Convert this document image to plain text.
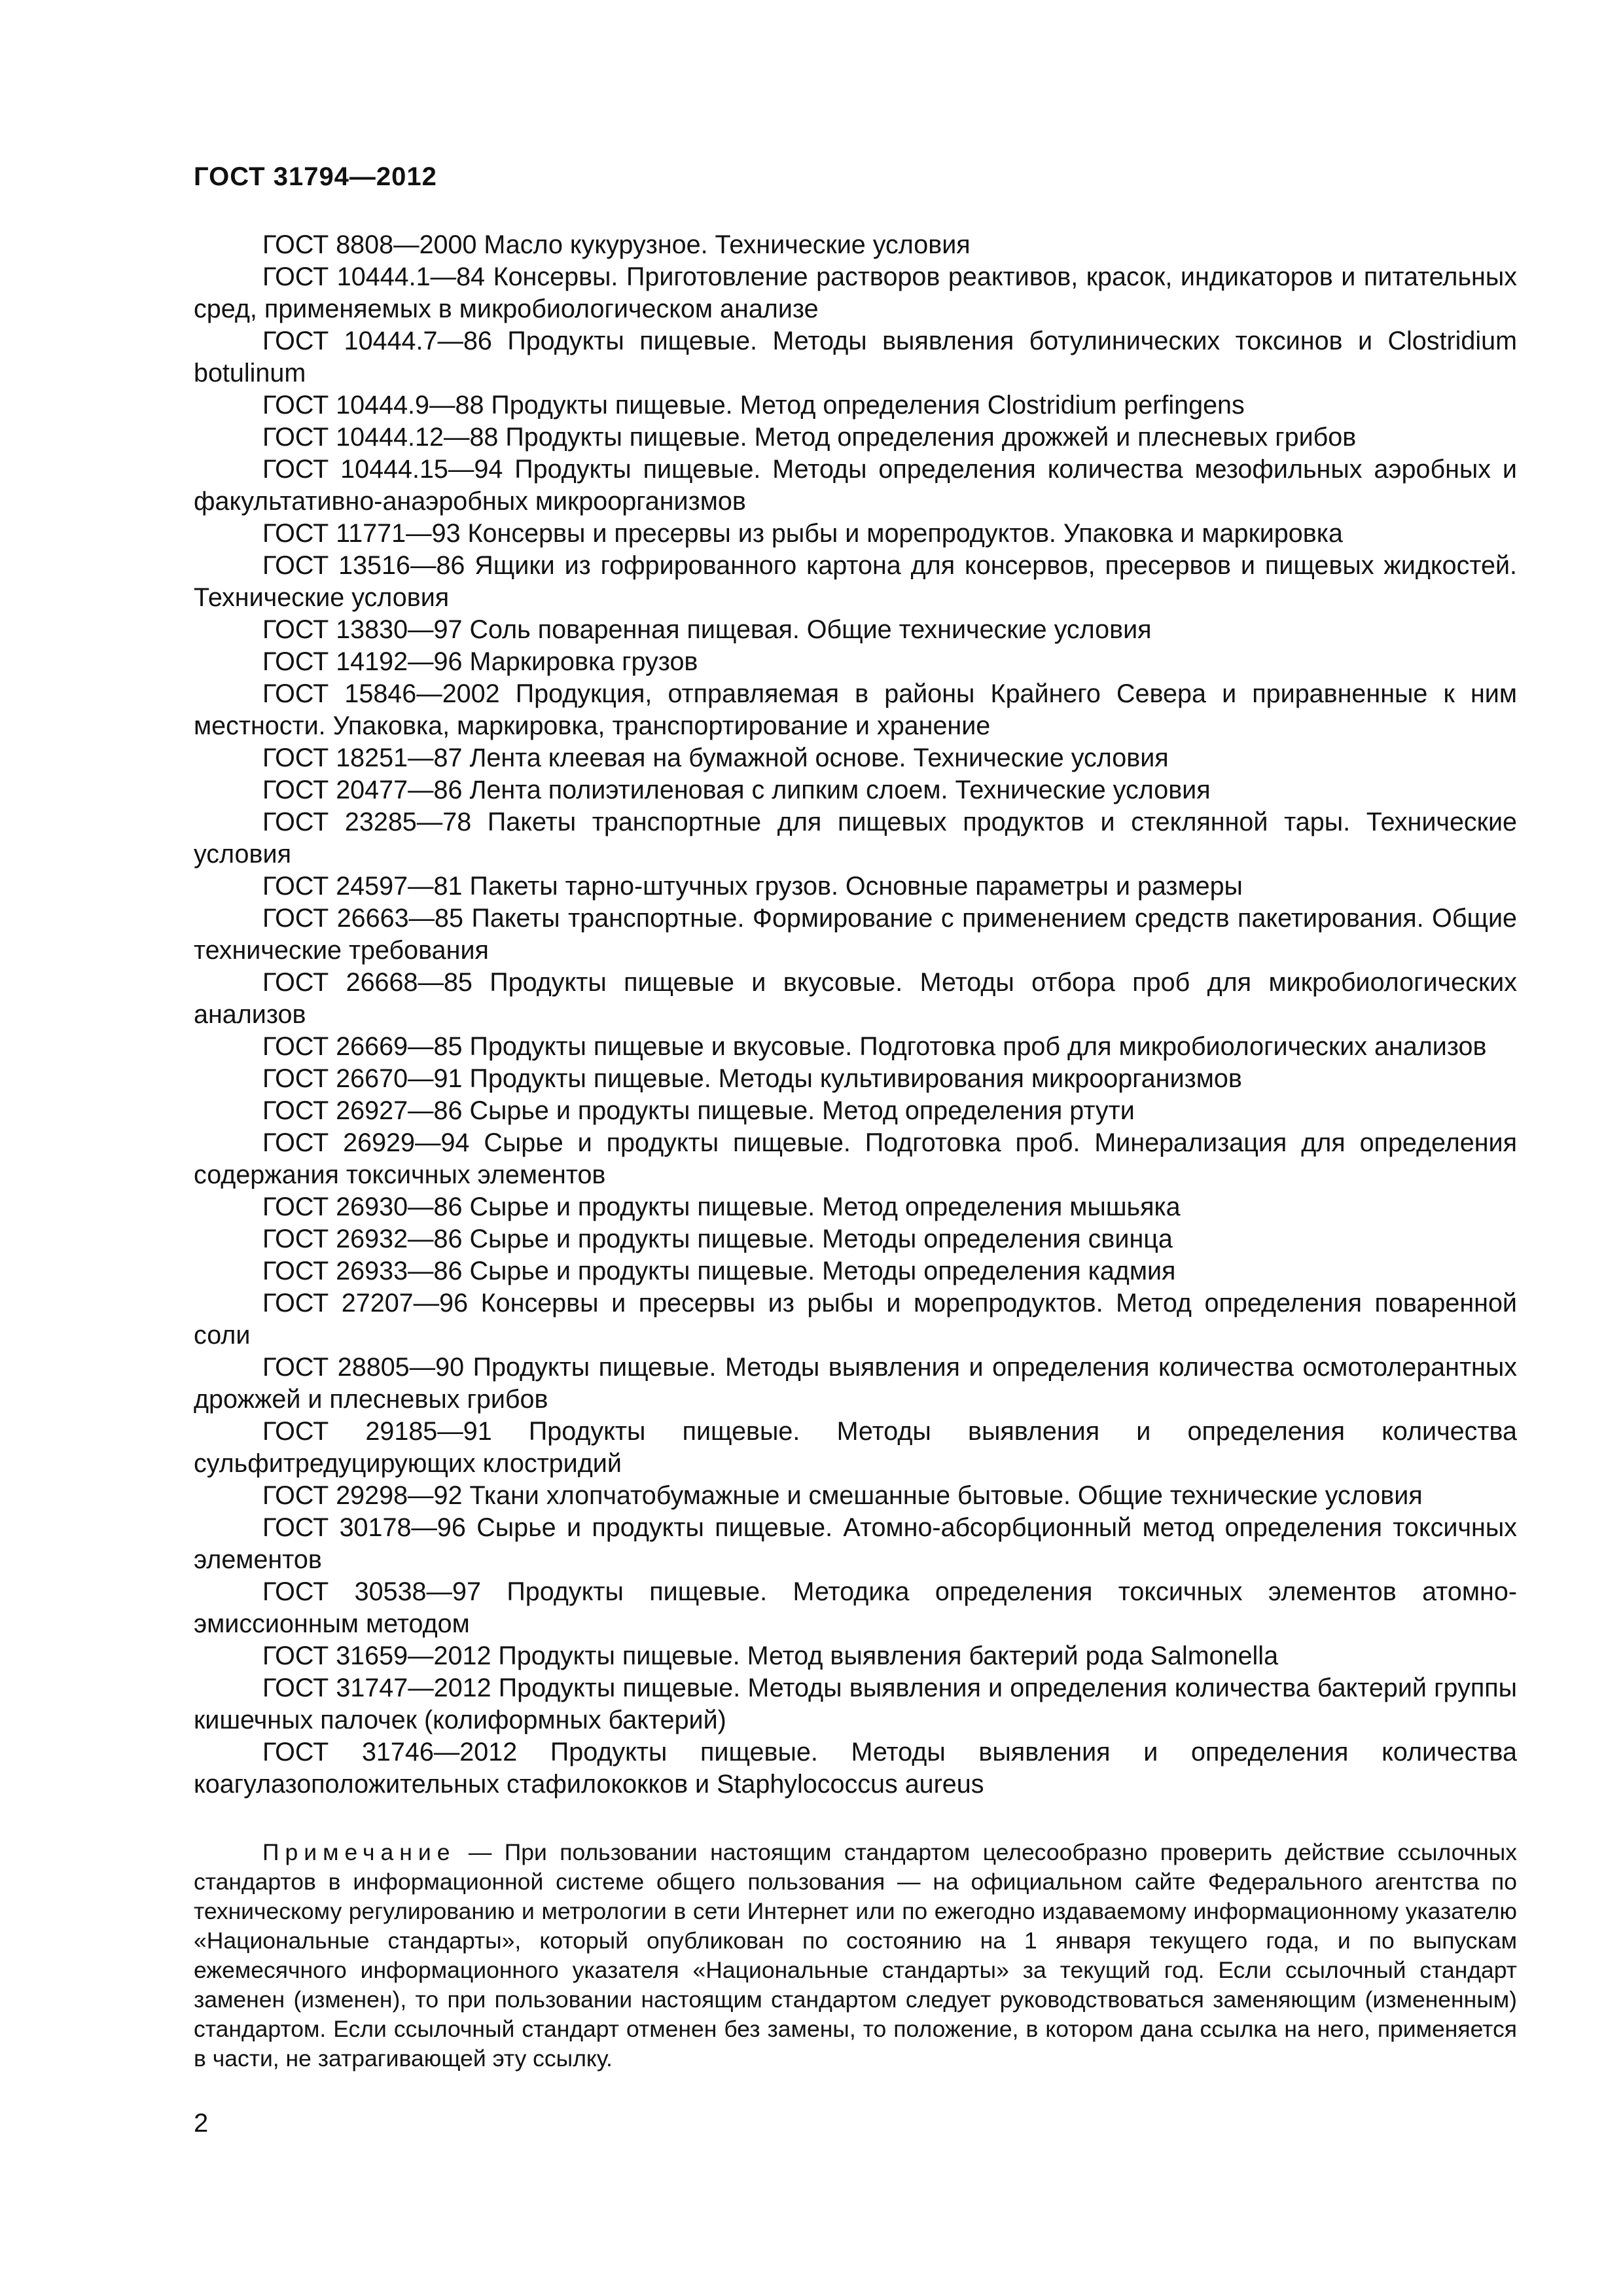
ГОСТ 31794—2012

ГОСТ 8808—2000 Масло кукурузное. Технические условия

ГОСТ 10444.1—84 Консервы. Приготовление растворов реактивов, красок, индикаторов и питательных сред, применяемых в микробиологическом анализе

ГОСТ 10444.7—86 Продукты пищевые. Методы выявления ботулинических токсинов и Clostridium botulinum

ГОСТ 10444.9—88 Продукты пищевые. Метод определения Clostridium perfingens

ГОСТ 10444.12—88 Продукты пищевые. Метод определения дрожжей и плесневых грибов

ГОСТ 10444.15—94 Продукты пищевые. Методы определения количества мезофильных аэробных и факультативно-анаэробных микроорганизмов

ГОСТ 11771—93 Консервы и пресервы из рыбы и морепродуктов. Упаковка и маркировка

ГОСТ 13516—86 Ящики из гофрированного картона для консервов, пресервов и пищевых жидкостей. Технические условия

ГОСТ 13830—97 Соль поваренная пищевая. Общие технические условия

ГОСТ 14192—96 Маркировка грузов

ГОСТ 15846—2002 Продукция, отправляемая в районы Крайнего Севера и приравненные к ним местности. Упаковка, маркировка, транспортирование и хранение

ГОСТ 18251—87 Лента клеевая на бумажной основе. Технические условия

ГОСТ 20477—86 Лента полиэтиленовая с липким слоем. Технические условия

ГОСТ 23285—78 Пакеты транспортные для пищевых продуктов и стеклянной тары. Технические условия

ГОСТ 24597—81 Пакеты тарно-штучных грузов. Основные параметры и размеры

ГОСТ 26663—85 Пакеты транспортные. Формирование с применением средств пакетирования. Общие технические требования

ГОСТ 26668—85 Продукты пищевые и вкусовые. Методы отбора проб для микробиологических анализов

ГОСТ 26669—85 Продукты пищевые и вкусовые. Подготовка проб для микробиологических анализов

ГОСТ 26670—91 Продукты пищевые. Методы культивирования микроорганизмов

ГОСТ 26927—86 Сырье и продукты пищевые. Метод определения ртути

ГОСТ 26929—94 Сырье и продукты пищевые. Подготовка проб. Минерализация для определения содержания токсичных элементов

ГОСТ 26930—86 Сырье и продукты пищевые. Метод определения мышьяка

ГОСТ 26932—86 Сырье и продукты пищевые. Методы определения свинца

ГОСТ 26933—86 Сырье и продукты пищевые. Методы определения кадмия

ГОСТ 27207—96 Консервы и пресервы из рыбы и морепродуктов. Метод определения поваренной соли

ГОСТ 28805—90 Продукты пищевые. Методы выявления и определения количества осмотолерантных дрожжей и плесневых грибов

ГОСТ 29185—91 Продукты пищевые. Методы выявления и определения количества сульфитредуцирующих клостридий

ГОСТ 29298—92 Ткани хлопчатобумажные и смешанные бытовые. Общие технические условия

ГОСТ 30178—96 Сырье и продукты пищевые. Атомно-абсорбционный метод определения токсичных элементов

ГОСТ 30538—97 Продукты пищевые. Методика определения токсичных элементов атомно-эмиссионным методом

ГОСТ 31659—2012 Продукты пищевые. Метод выявления бактерий рода Salmonella

ГОСТ 31747—2012 Продукты пищевые. Методы выявления и определения количества бактерий группы кишечных палочек (колиформных бактерий)

ГОСТ 31746—2012 Продукты пищевые. Методы выявления и определения количества коагулазоположительных стафилококков и Staphylococcus aureus

Примечание — При пользовании настоящим стандартом целесообразно проверить действие ссылочных стандартов в информационной системе общего пользования — на официальном сайте Федерального агентства по техническому регулированию и метрологии в сети Интернет или по ежегодно издаваемому информационному указателю «Национальные стандарты», который опубликован по состоянию на 1 января текущего года, и по выпускам ежемесячного информационного указателя «Национальные стандарты» за текущий год. Если ссылочный стандарт заменен (изменен), то при пользовании настоящим стандартом следует руководствоваться заменяющим (измененным) стандартом. Если ссылочный стандарт отменен без замены, то положение, в котором дана ссылка на него, применяется в части, не затрагивающей эту ссылку.

2
